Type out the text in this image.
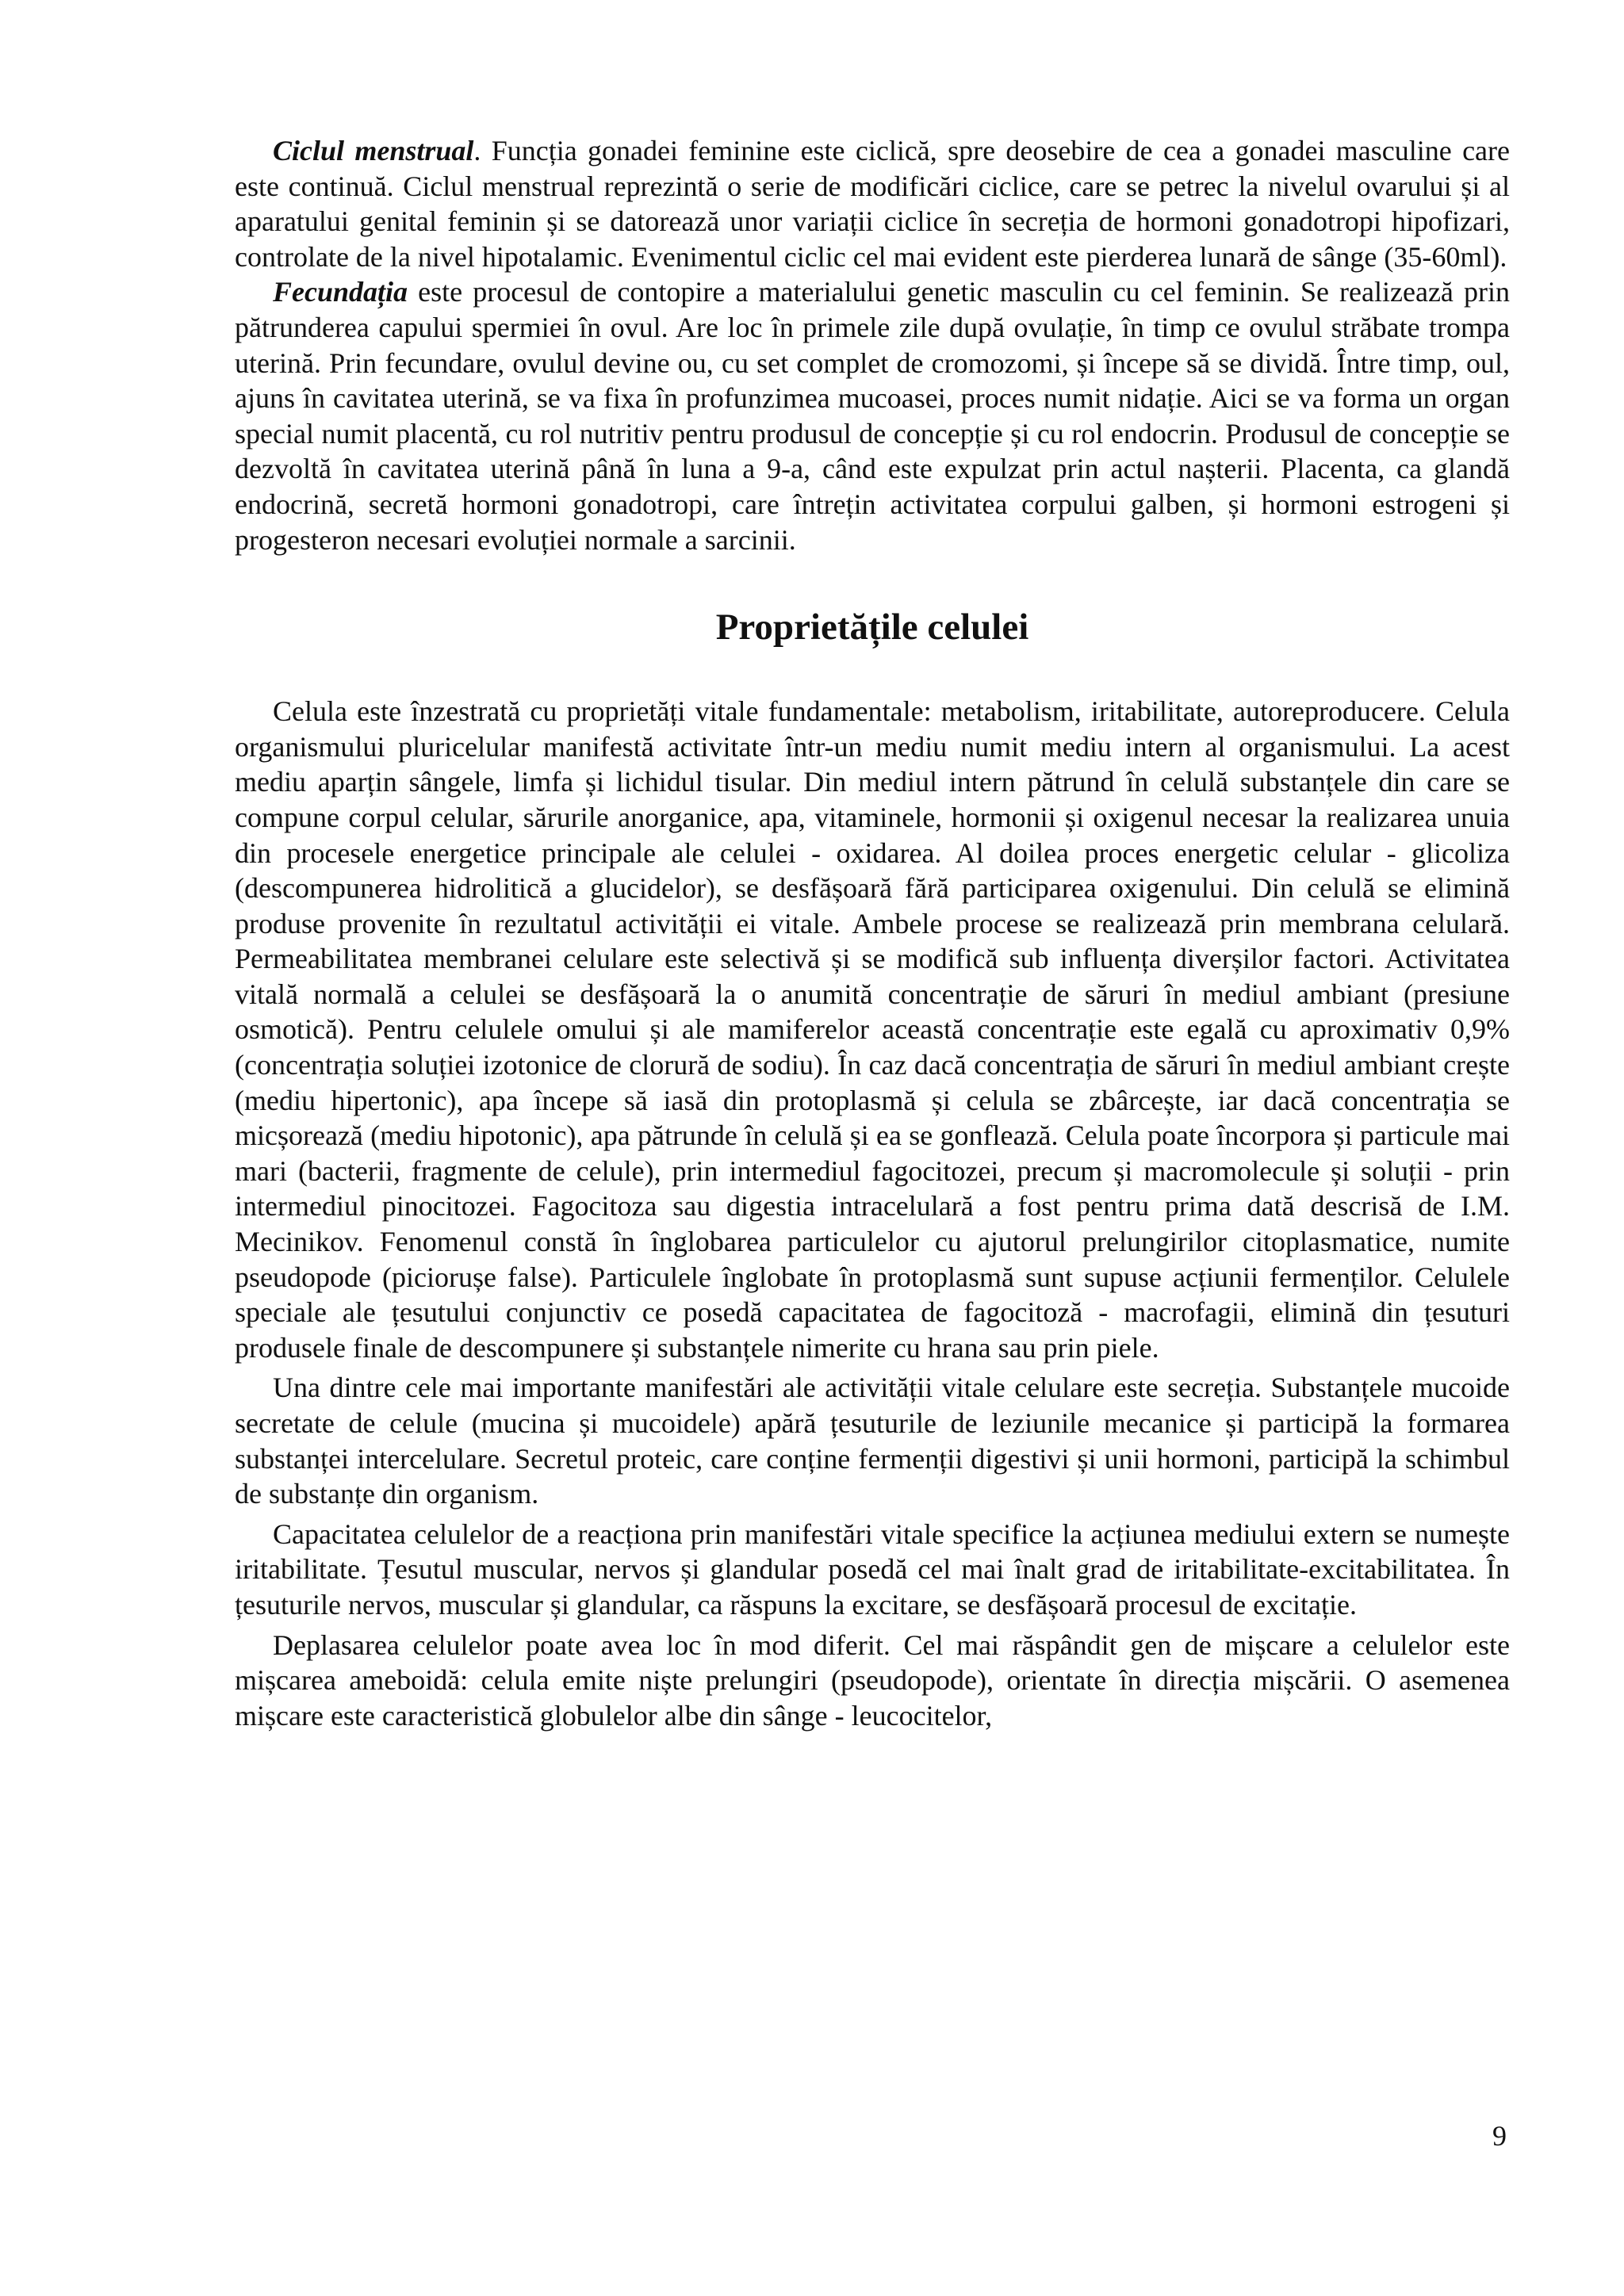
Ciclul menstrual. Funcția gonadei feminine este ciclică, spre deosebire de cea a gonadei masculine care este continuă. Ciclul menstrual reprezintă o serie de modificări ciclice, care se petrec la nivelul ovarului și al aparatului genital feminin și se datorează unor variații ciclice în secreția de hormoni gonadotropi hipofizari, controlate de la nivel hipotalamic. Evenimentul ciclic cel mai evident este pierderea lunară de sânge (35-60ml).

Fecundația este procesul de contopire a materialului genetic masculin cu cel feminin. Se realizează prin pătrunderea capului spermiei în ovul. Are loc în primele zile după ovulație, în timp ce ovulul străbate trompa uterină. Prin fecundare, ovulul devine ou, cu set complet de cromozomi, și începe să se dividă. Între timp, oul, ajuns în cavitatea uterină, se va fixa în profunzimea mucoasei, proces numit nidație. Aici se va forma un organ special numit placentă, cu rol nutritiv pentru produsul de concepție și cu rol endocrin. Produsul de concepție se dezvoltă în cavitatea uterină până în luna a 9-a, când este expulzat prin actul nașterii. Placenta, ca glandă endocrină, secretă hormoni gonadotropi, care întrețin activitatea corpului galben, și hormoni estrogeni și progesteron necesari evoluției normale a sarcinii.

Proprietățile celulei

Celula este înzestrată cu proprietăți vitale fundamentale: metabolism, iritabilitate, autoreproducere. Celula organismului pluricelular manifestă activitate într-un mediu numit mediu intern al organismului. La acest mediu aparțin sângele, limfa și lichidul tisular. Din mediul intern pătrund în celulă substanțele din care se compune corpul celular, sărurile anorganice, apa, vitaminele, hormonii și oxigenul necesar la realizarea unuia din procesele energetice principale ale celulei - oxidarea. Al doilea proces energetic celular - glicoliza (descompunerea hidrolitică a glucidelor), se desfășoară fără participarea oxigenului. Din celulă se elimină produse provenite în rezultatul activității ei vitale. Ambele procese se realizează prin membrana celulară. Permeabilitatea membranei celulare este selectivă și se modifică sub influența diverșilor factori. Activitatea vitală normală a celulei se desfășoară la o anumită concentrație de săruri în mediul ambiant (presiune osmotică). Pentru celulele omului și ale mamiferelor această concentrație este egală cu aproximativ 0,9% (concentrația soluției izotonice de clorură de sodiu). În caz dacă concentrația de săruri în mediul ambiant crește (mediu hipertonic), apa începe să iasă din protoplasmă și celula se zbârcește, iar dacă concentrația se micșorează (mediu hipotonic), apa pătrunde în celulă și ea se gonflează. Celula poate încorpora și particule mai mari (bacterii, fragmente de celule), prin intermediul fagocitozei, precum și macromolecule și soluții - prin intermediul pinocitozei. Fagocitoza sau digestia intracelulară a fost pentru prima dată descrisă de I.M. Mecinikov. Fenomenul constă în înglobarea particulelor cu ajutorul prelungirilor citoplasmatice, numite pseudopode (piciorușe false). Particulele înglobate în protoplasmă sunt supuse acțiunii fermenților. Celulele speciale ale țesutului conjunctiv ce posedă capacitatea de fagocitoză - macrofagii, elimină din țesuturi produsele finale de descompunere și substanțele nimerite cu hrana sau prin piele.

Una dintre cele mai importante manifestări ale activității vitale celulare este secreția. Substanțele mucoide secretate de celule (mucina și mucoidele) apără țesuturile de leziunile mecanice și participă la formarea substanței intercelulare. Secretul proteic, care conține fermenții digestivi și unii hormoni, participă la schimbul de substanțe din organism.

Capacitatea celulelor de a reacționa prin manifestări vitale specifice la acțiunea mediului extern se numește iritabilitate. Țesutul muscular, nervos și glandular posedă cel mai înalt grad de iritabilitate-excitabilitatea. În țesuturile nervos, muscular și glandular, ca răspuns la excitare, se desfășoară procesul de excitație.

Deplasarea celulelor poate avea loc în mod diferit. Cel mai răspândit gen de mișcare a celulelor este mișcarea ameboidă: celula emite niște prelungiri (pseudopode), orientate în direcția mișcării. O asemenea mișcare este caracteristică globulelor albe din sânge - leucocitelor,

9
